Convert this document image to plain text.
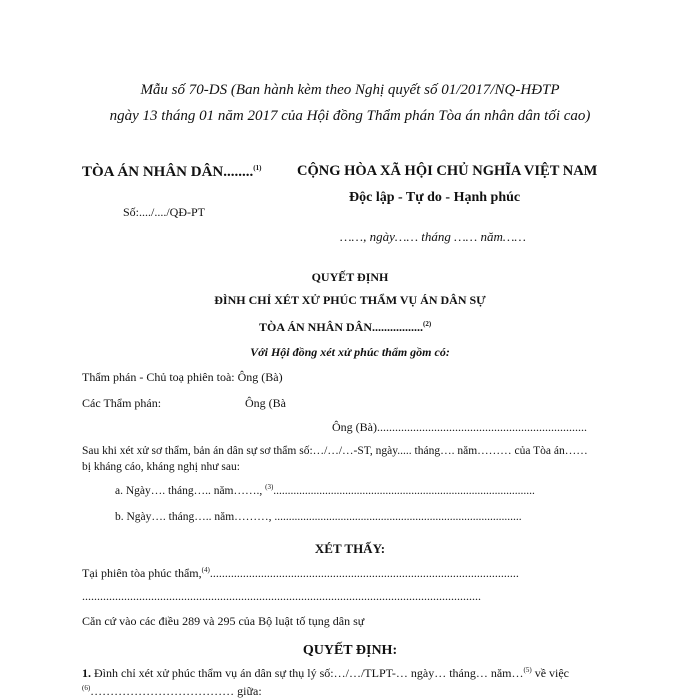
Mẫu số 70-DS (Ban hành kèm theo Nghị quyết số 01/2017/NQ-HĐTP
ngày 13 tháng 01 năm 2017 của Hội đồng Thẩm phán Tòa án nhân dân tối cao)
TÒA ÁN NHÂN DÂN........$^{(1)}$
Số:..../..../QĐ-PT
CỘNG HÒA XÃ HỘI CHỦ NGHĨA VIỆT NAM
Độc lập - Tự do - Hạnh phúc
……, ngày…… tháng …… năm……
QUYẾT ĐỊNH
ĐÌNH CHỈ XÉT XỬ PHÚC THẨM VỤ ÁN DÂN SỰ
TÒA ÁN NHÂN DÂN.................$^{(2)}$
Với Hội đồng xét xử phúc thẩm gồm có:
Thẩm phán - Chủ toạ phiên toà: Ông (Bà)
Các Thẩm phán:	Ông (Bà
Ông (Bà)......................................................................
Sau khi xét xử sơ thẩm, bản án dân sự sơ thẩm số:…/…/…-ST, ngày..... tháng…. năm……… của Tòa án……
bị kháng cáo, kháng nghị như sau:
a. Ngày…. tháng….. năm……., $^{(3)}$...........................................................................................
b. Ngày…. tháng….. năm………, ......................................................................................
XÉT THẤY:
Tại phiên tòa phúc thẩm,$^{(4)}$.......................................................................................................
.....................................................................................................................................
Căn cứ vào các điều 289 và 295 của Bộ luật tố tụng dân sự
QUYẾT ĐỊNH:
1. Đình chỉ xét xử phúc thẩm vụ án dân sự thụ lý số:…/…/TLPT-… ngày… tháng… năm…$^{(5)}$ về việc
$^{(6)}$……………………………… giữa:
